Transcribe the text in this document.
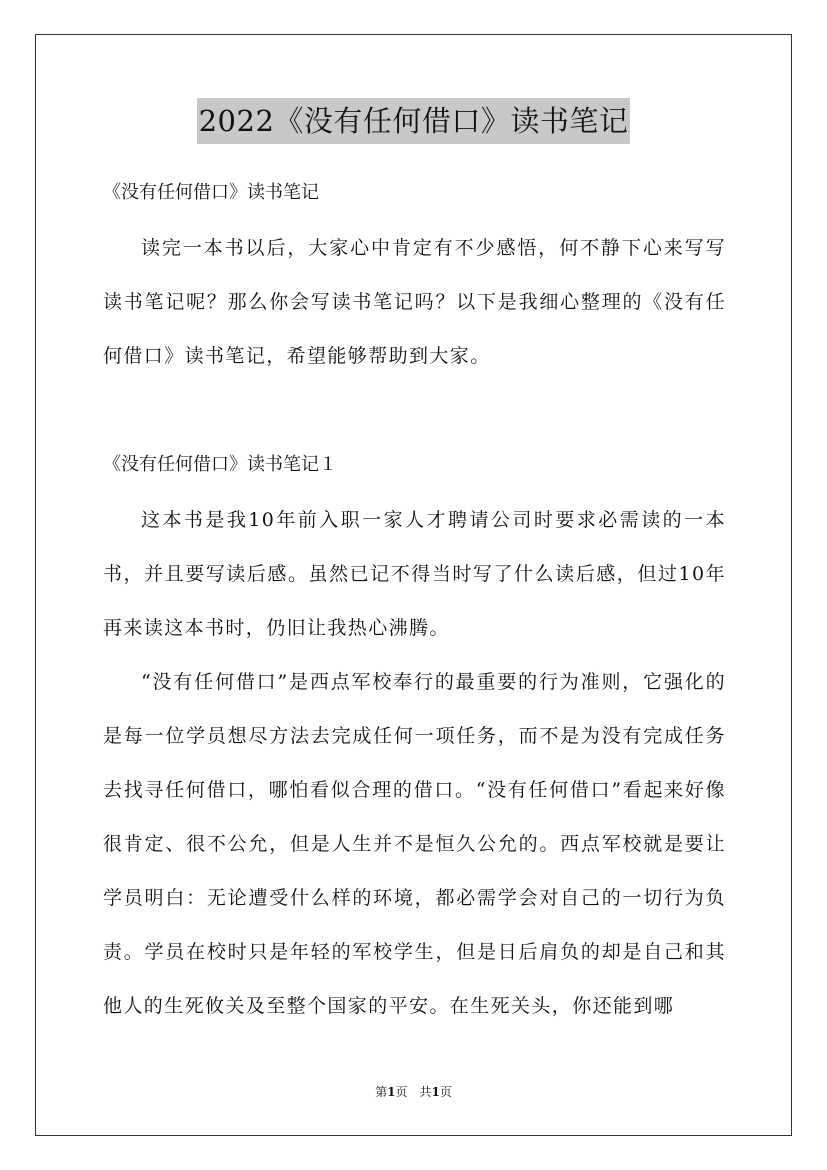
2022《没有任何借口》读书笔记

《没有任何借口》读书笔记

读完一本书以后，大家心中肯定有不少感悟，何不静下心来写写读书笔记呢？那么你会写读书笔记吗？以下是我细心整理的《没有任何借口》读书笔记，希望能够帮助到大家。

《没有任何借口》读书笔记１

这本书是我10年前入职一家人才聘请公司时要求必需读的一本书，并且要写读后感。虽然已记不得当时写了什么读后感，但过10年再来读这本书时，仍旧让我热心沸腾。

“没有任何借口”是西点军校奉行的最重要的行为准则，它强化的是每一位学员想尽方法去完成任何一项任务，而不是为没有完成任务去找寻任何借口，哪怕看似合理的借口。“没有任何借口”看起来好像很肯定、很不公允，但是人生并不是恒久公允的。西点军校就是要让学员明白：无论遭受什么样的环境，都必需学会对自己的一切行为负责。学员在校时只是年轻的军校学生，但是日后肩负的却是自己和其他人的生死攸关及至整个国家的平安。在生死关头，你还能到哪

第1页　共1页
